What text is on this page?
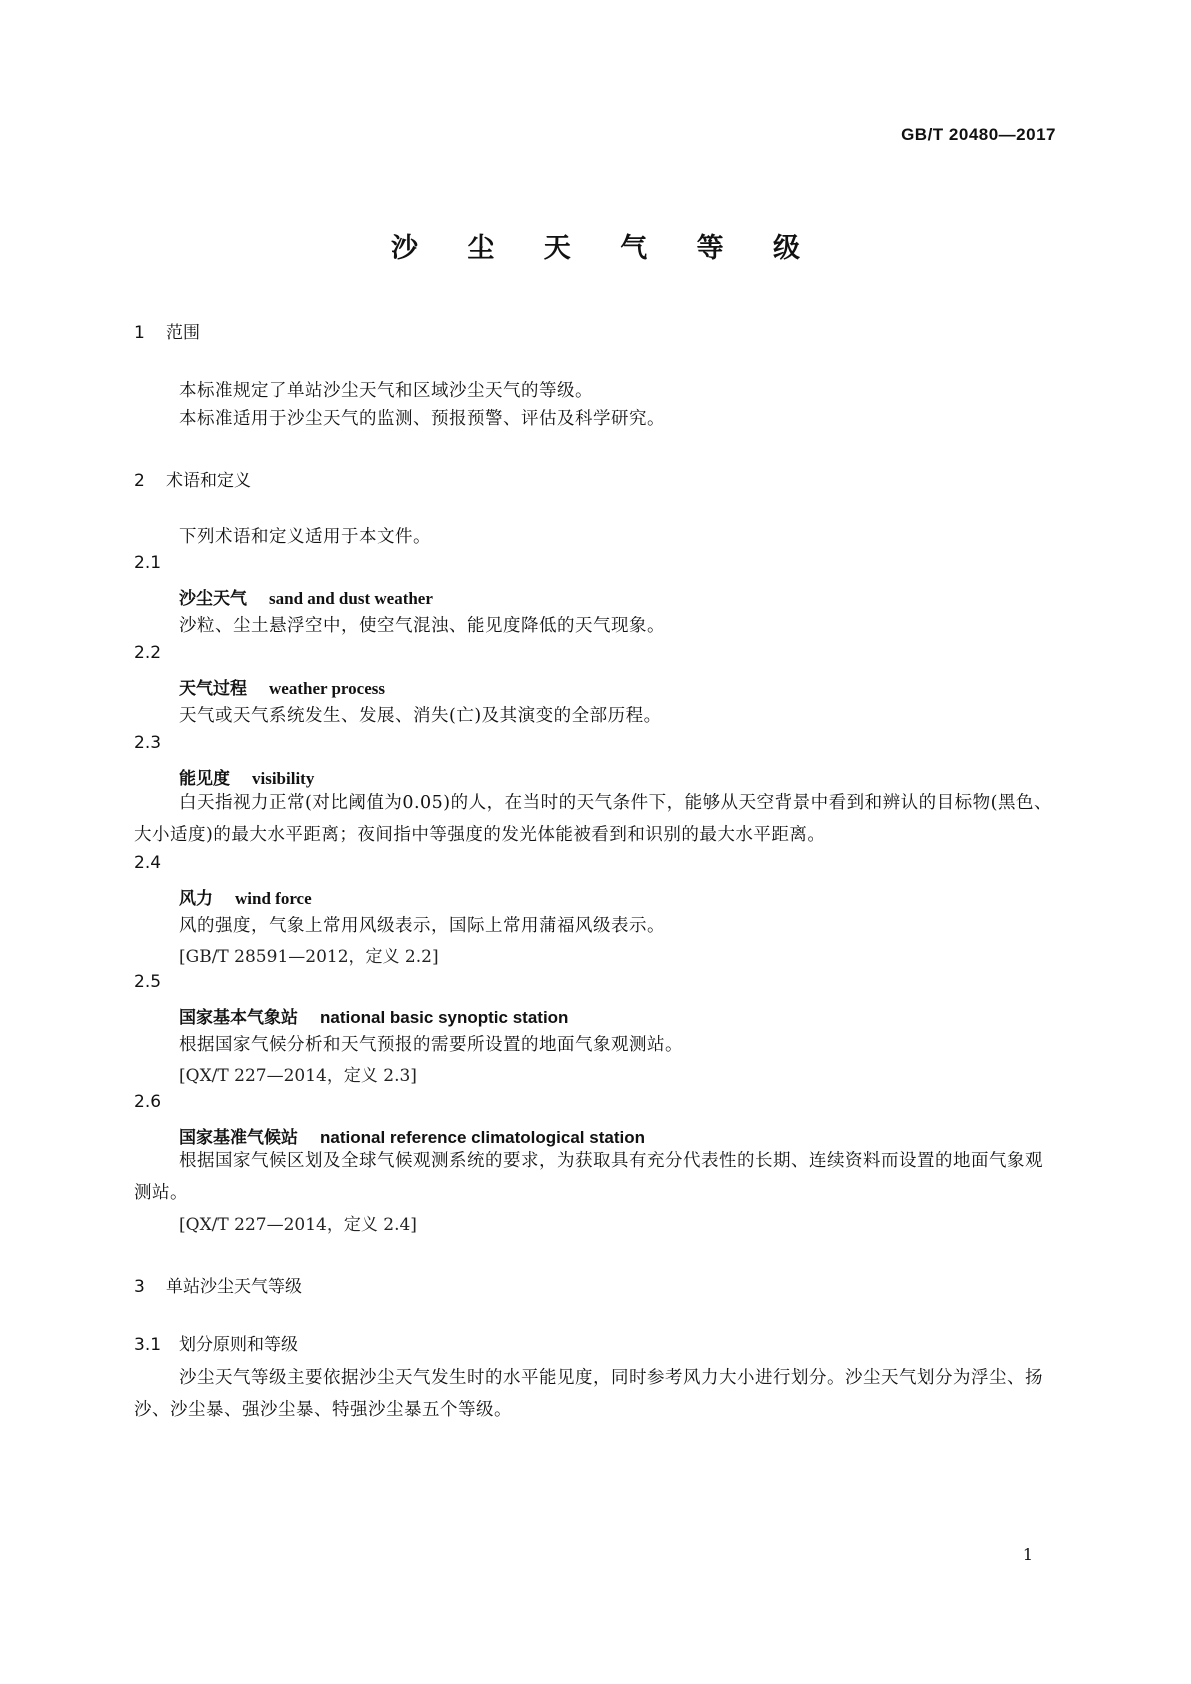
GB/T 20480—2017
沙 尘 天 气 等 级
1 范围
本标准规定了单站沙尘天气和区域沙尘天气的等级。
本标准适用于沙尘天气的监测、预报预警、评估及科学研究。
2 术语和定义
下列术语和定义适用于本文件。
2.1
沙尘天气 sand and dust weather
沙粒、尘土悬浮空中，使空气混浊、能见度降低的天气现象。
2.2
天气过程 weather process
天气或天气系统发生、发展、消失(亡)及其演变的全部历程。
2.3
能见度 visibility
白天指视力正常(对比阈值为0.05)的人，在当时的天气条件下，能够从天空背景中看到和辨认的目标物(黑色、大小适度)的最大水平距离；夜间指中等强度的发光体能被看到和识别的最大水平距离。
2.4
风力 wind force
风的强度，气象上常用风级表示，国际上常用蒲福风级表示。
[GB/T 28591—2012，定义 2.2]
2.5
国家基本气象站 national basic synoptic station
根据国家气候分析和天气预报的需要所设置的地面气象观测站。
[QX/T 227—2014，定义 2.3]
2.6
国家基准气候站 national reference climatological station
根据国家气候区划及全球气候观测系统的要求，为获取具有充分代表性的长期、连续资料而设置的地面气象观测站。
[QX/T 227—2014，定义 2.4]
3 单站沙尘天气等级
3.1 划分原则和等级
沙尘天气等级主要依据沙尘天气发生时的水平能见度，同时参考风力大小进行划分。沙尘天气划分为浮尘、扬沙、沙尘暴、强沙尘暴、特强沙尘暴五个等级。
1
